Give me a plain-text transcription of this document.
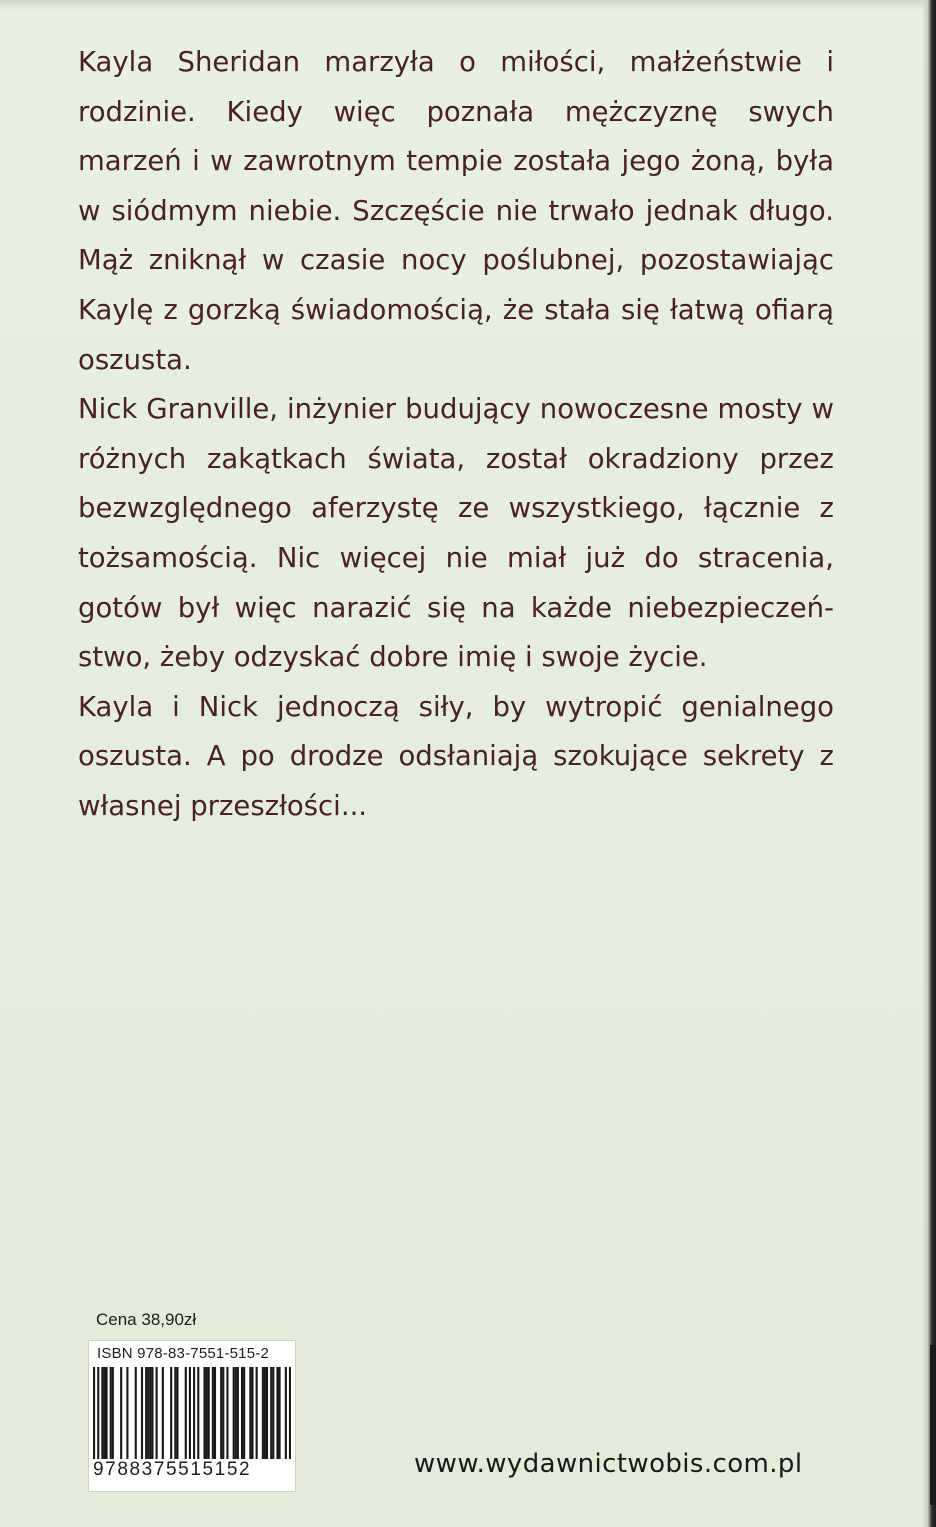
Kayla Sheridan marzyła o miłości, małżeństwie i rodzinie. Kiedy więc poznała mężczyznę swych marzeń i w zawrotnym tempie została jego żoną, była w siódmym niebie. Szczęście nie trwało jednak długo. Mąż zniknął w czasie nocy poślubnej, pozostawiając Kaylę z gorzką świadomością, że stała się łatwą ofiarą oszusta.

Nick Granville, inżynier budujący nowoczesne mosty w różnych zakątkach świata, został okradziony przez bezwzględnego aferzystę ze wszystkiego, łącznie z tożsamością. Nic więcej nie miał już do stracenia, gotów był więc narazić się na każde niebezpieczeństwo, żeby odzyskać dobre imię i swoje życie.

Kayla i Nick jednoczą siły, by wytropić genialnego oszusta. A po drodze odsłaniają szokujące sekrety z własnej przeszłości...

Cena 38,90zł
ISBN 978-83-7551-515-2
9788375515152	www.wydawnictwobis.com.pl
